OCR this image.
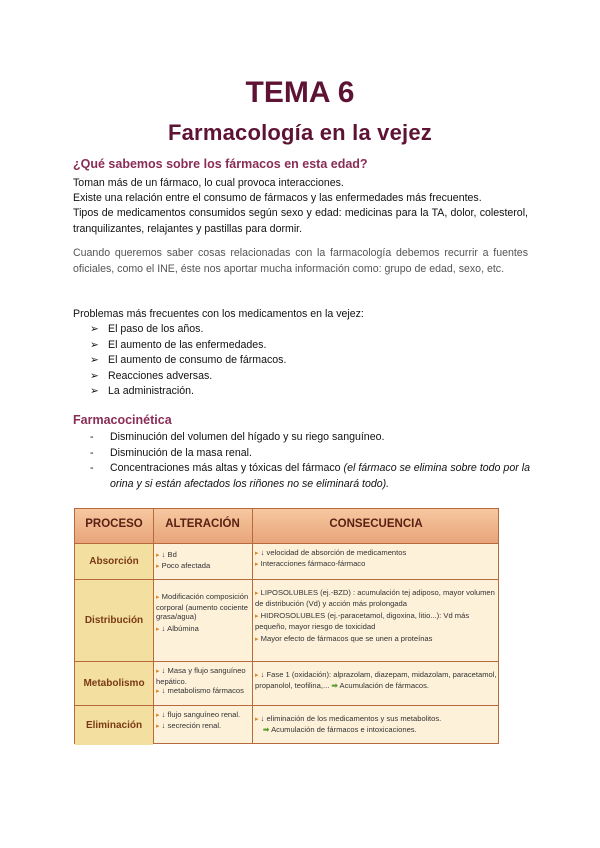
TEMA 6
Farmacología en la vejez
¿Qué sabemos sobre los fármacos en esta edad?
Toman más de un fármaco, lo cual provoca interacciones.
Existe una relación entre el consumo de fármacos y las enfermedades más frecuentes.
Tipos de medicamentos consumidos según sexo y edad: medicinas para la TA, dolor, colesterol, tranquilizantes, relajantes y pastillas para dormir.
Cuando queremos saber cosas relacionadas con la farmacología debemos recurrir a fuentes oficiales, como el INE, éste nos aportar mucha información como: grupo de edad, sexo, etc.
Problemas más frecuentes con los medicamentos en la vejez:
➢ El paso de los años.
➢ El aumento de las enfermedades.
➢ El aumento de consumo de fármacos.
➢ Reacciones adversas.
➢ La administración.
Farmacocinética
- Disminución del volumen del hígado y su riego sanguíneo.
- Disminución de la masa renal.
- Concentraciones más altas y tóxicas del fármaco (el fármaco se elimina sobre todo por la orina y si están afectados los riñones no se eliminará todo).
PROCESO	ALTERACIÓN	CONSECUENCIA
Absorción
▸ ↓ Bd
▸ Poco afectada
▸ ↓ velocidad de absorción de medicamentos
▸ Interacciones fármaco-fármaco
Distribución
▸ Modificación composición corporal (aumento cociente grasa/agua)
▸ ↓ Albúmina
▸ LIPOSOLUBLES (ej.-BZD) : acumulación tej adiposo, mayor volumen de distribución (Vd) y acción más prolongada
▸ HIDROSOLUBLES (ej.-paracetamol, digoxina, litio...): Vd más pequeño, mayor riesgo de toxicidad
▸ Mayor efecto de fármacos que se unen a proteínas
Metabolismo
▸ ↓ Masa y flujo sanguíneo hepático.
▸ ↓ metabolismo fármacos
▸ ↓ Fase 1 (oxidación): alprazolam, diazepam, midazolam, paracetamol, propanolol, teofilina,... ➡ Acumulación de fármacos.
Eliminación
▸ ↓ flujo sanguíneo renal.
▸ ↓ secreción renal.
▸ ↓ eliminación de los medicamentos y sus metabolitos.
➡ Acumulación de fármacos e intoxicaciones.
